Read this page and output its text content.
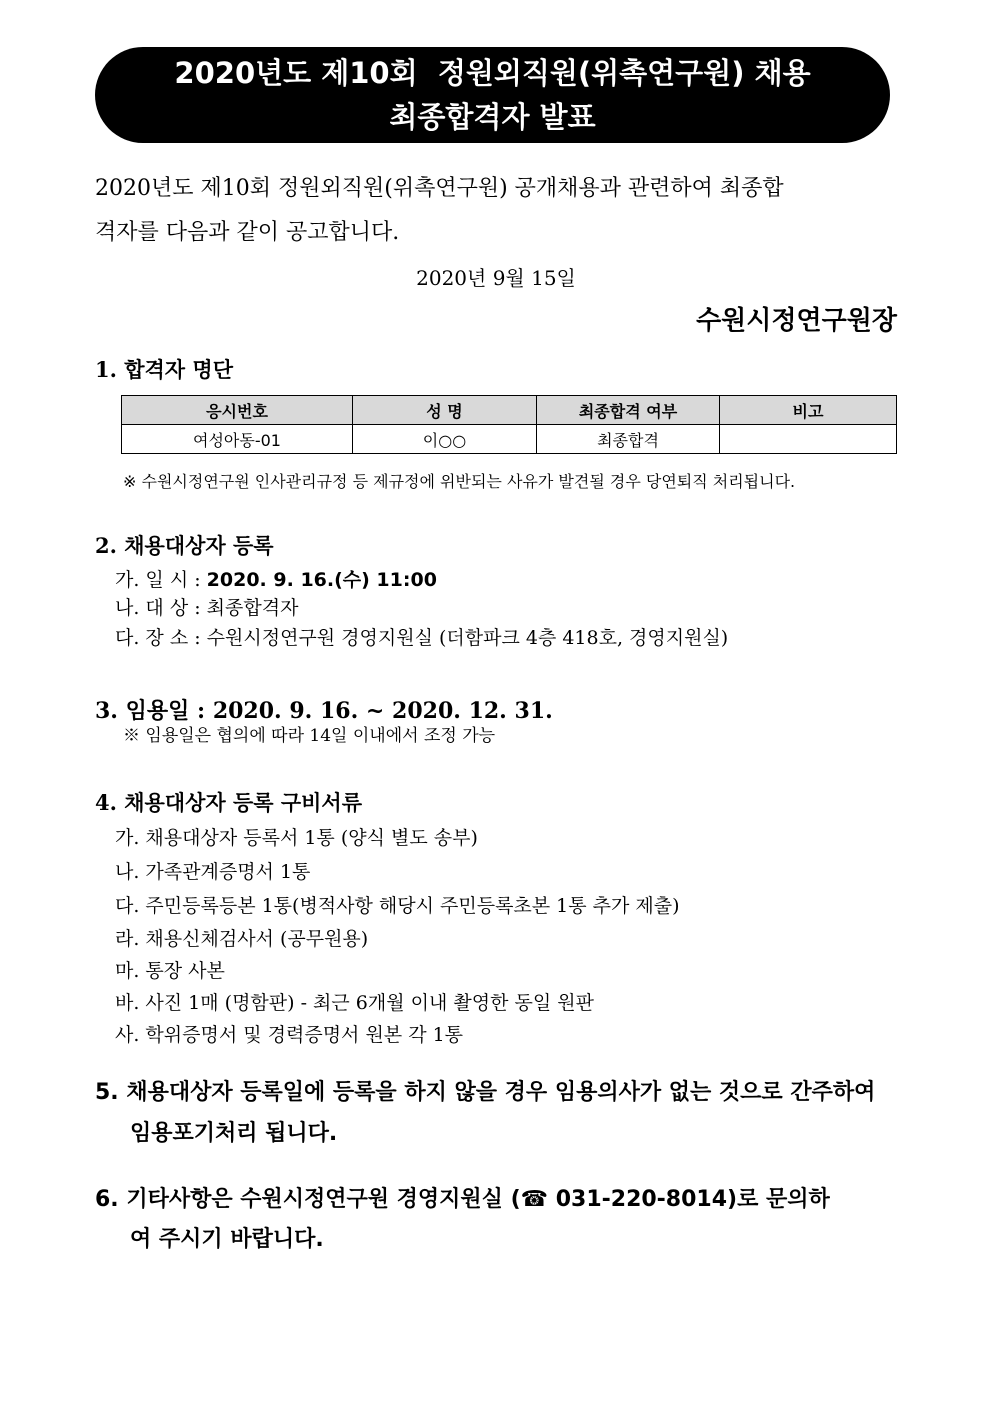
2020년도 제10회  정원외직원(위촉연구원) 채용
최종합격자 발표
2020년도 제10회 정원외직원(위촉연구원) 공개채용과 관련하여 최종합
격자를 다음과 같이 공고합니다.
2020년 9월 15일
수원시정연구원장
1. 합격자 명단
응시번호	성 명	최종합격 여부	비고
여성아동-01	이○○	최종합격	
※ 수원시정연구원 인사관리규정 등 제규정에 위반되는 사유가 발견될 경우 당연퇴직 처리됩니다.
2. 채용대상자 등록
가. 일 시 : 2020. 9. 16.(수) 11:00
나. 대 상 : 최종합격자
다. 장 소 : 수원시정연구원 경영지원실 (더함파크 4층 418호, 경영지원실)
3. 임용일 : 2020. 9. 16. ~ 2020. 12. 31.
※ 임용일은 협의에 따라 14일 이내에서 조정 가능
4. 채용대상자 등록 구비서류
가. 채용대상자 등록서 1통 (양식 별도 송부)
나. 가족관계증명서 1통
다. 주민등록등본 1통(병적사항 해당시 주민등록초본 1통 추가 제출)
라. 채용신체검사서 (공무원용)
마. 통장 사본
바. 사진 1매 (명함판) - 최근 6개월 이내 촬영한 동일 원판
사. 학위증명서 및 경력증명서 원본 각 1통
5. 채용대상자 등록일에 등록을 하지 않을 경우 임용의사가 없는 것으로 간주하여
임용포기처리 됩니다.
6. 기타사항은 수원시정연구원 경영지원실 (☎ 031-220-8014)로 문의하
여 주시기 바랍니다.
